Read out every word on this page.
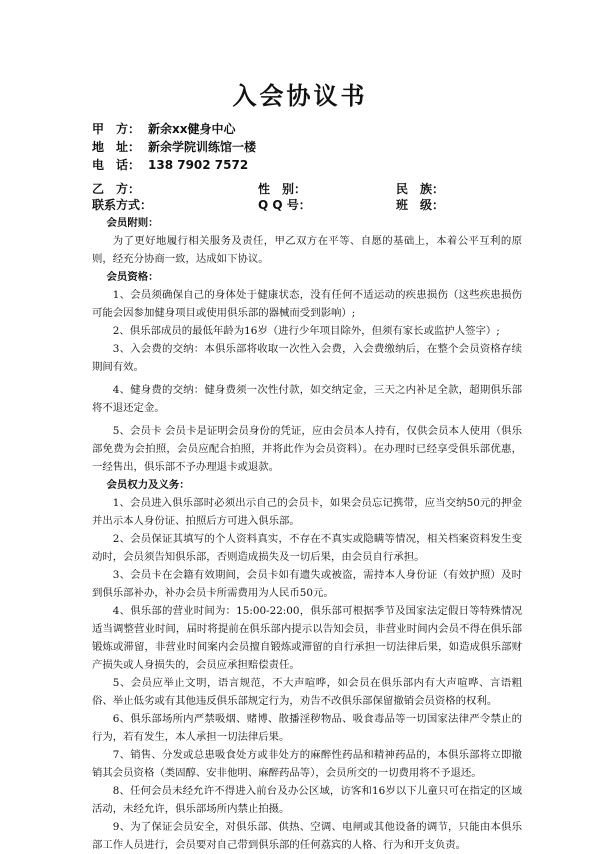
入会协议书
甲　方： 新余xx健身中心
地　址： 新余学院训练馆一楼
电　话： 138 7902 7572
乙　方：	性　别：	民　族：
联系方式：	Q Q 号：	班　级：

会员附则：

为了更好地履行相关服务及责任，甲乙双方在平等、自愿的基础上，本着公平互利的原则，经充分协商一致，达成如下协议。

会员资格：

1、会员须确保自己的身体处于健康状态，没有任何不适运动的疾患损伤（这些疾患损伤可能会因参加健身项目或使用俱乐部的器械而受到影响）;

2、俱乐部成员的最低年龄为16岁（进行少年项目除外，但须有家长或监护人签字）;

3、入会费的交纳：本俱乐部将收取一次性入会费，入会费缴纳后，在整个会员资格存续期间有效。

4、健身费的交纳：健身费须一次性付款，如交纳定金，三天之内补足全款，超期俱乐部将不退还定金。

5、会员卡 会员卡是证明会员身份的凭证，应由会员本人持有，仅供会员本人使用（俱乐部免费为会拍照，会员应配合拍照，并将此作为会员资料）。在办理时已经享受俱乐部优惠，一经售出，俱乐部不予办理退卡或退款。

会员权力及义务：

1、会员进入俱乐部时必须出示自己的会员卡，如果会员忘记携带，应当交纳50元的押金并出示本人身份证、拍照后方可进入俱乐部。

2、会员保证其填写的个人资料真实，不存在不真实或隐瞒等情况，相关档案资料发生变动时，会员须告知俱乐部，否则造成损失及一切后果，由会员自行承担。

3、会员卡在会籍有效期间，会员卡如有遗失或被盗，需持本人身份证（有效护照）及时到俱乐部补办，补办会员卡所需费用为人民币50元。

4、俱乐部的营业时间为：15:00-22:00，俱乐部可根据季节及国家法定假日等特殊情况适当调整营业时间，届时将提前在俱乐部内提示以告知会员，非营业时间内会员不得在俱乐部锻炼或滞留，非营业时间案内会员擅自锻炼或滞留的自行承担一切法律后果，如造成俱乐部财产损失或人身损失的，会员应承担赔偿责任。

5、会员应举止文明，语言规范，不大声喧哗，如会员在俱乐部内有大声喧哗、言语粗俗、举止低劣或有其他违反俱乐部规定行为，劝告不改俱乐部保留撤销会员资格的权利。

6、俱乐部场所内严禁吸烟、赌博、散播淫秽物品、吸食毒品等一切国家法律严令禁止的行为，若有发生，本人承担一切法律后果。

7、销售、分发或总患吸食处方或非处方的麻醉性药品和精神药品的，本俱乐部将立即撤销其会员资格（类固醇、安非他明、麻醉药品等），会员所交的一切费用将不予退还。

8、任何会员未经允许不得进入前台及办公区域，访客和16岁以下儿童只可在指定的区域活动，未经允许，俱乐部场所内禁止拍摄。

9、为了保证会员安全，对俱乐部、供热、空调、电闸或其他设备的调节，只能由本俱乐部工作人员进行，会员要对自己带到俱乐部的任何荔宾的人格、行为和开支负责。
